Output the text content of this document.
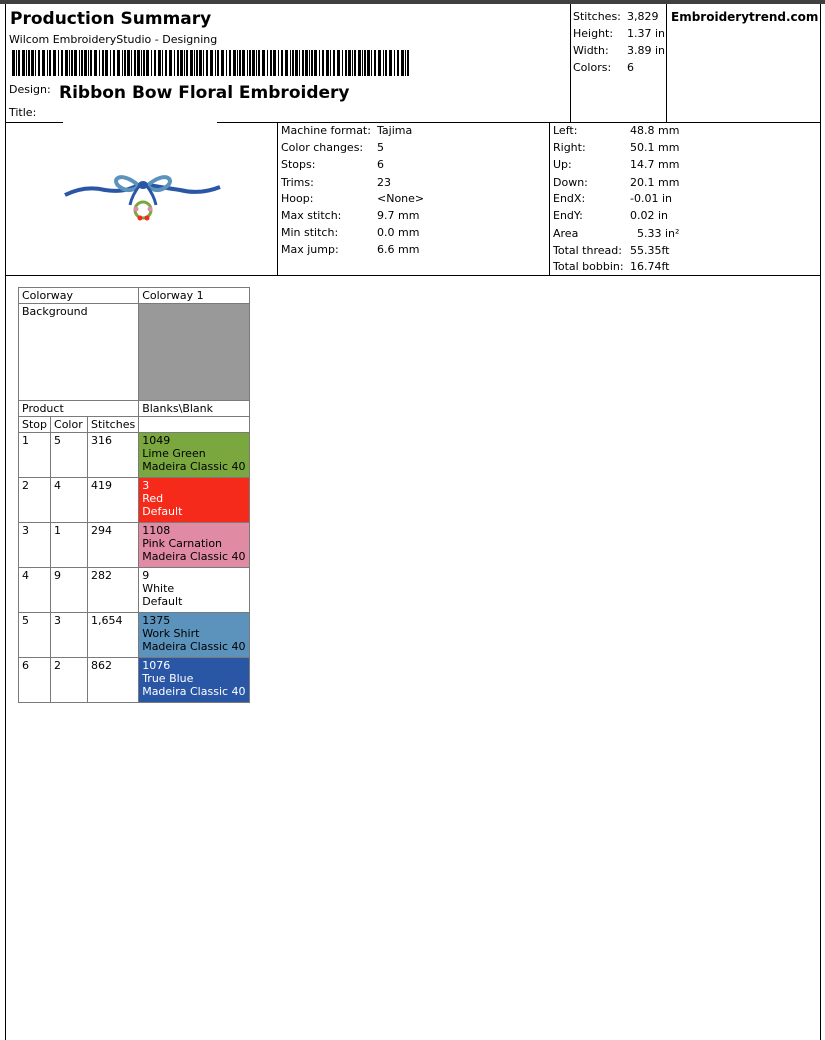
Production Summary
Wilcom EmbroideryStudio - Designing
Design: Ribbon Bow Floral Embroidery
Title:
Stitches: 3,829
Height: 1.37 in
Width: 3.89 in
Colors: 6
Embroiderytrend.com
Machine format: Tajima
Color changes: 5
Stops:	6
Trims:	23
Hoop:	<None>
Max stitch:	9.7 mm
Min stitch:	0.0 mm
Max jump:	6.6 mm
Left:	48.8 mm
Right:	50.1 mm
Up:	14.7 mm
Down:	20.1 mm
EndX:	-0.01 in
EndY:	0.02 in
Area	5.33 in²
Total thread: 55.35ft
Total bobbin: 16.74ft
Colorway			Colorway 1
Background			
Product			Blanks\Blank
Stop	Color	Stitches	
1	5	316	1049
Lime Green
Madeira Classic 40

2	4	419	3
Red
Default

3	1	294	1108
Pink Carnation
Madeira Classic 40

4	9	282	9
White
Default

5	3	1,654	1375
Work Shirt
Madeira Classic 40

6	2	862	1076
True Blue
Madeira Classic 40
